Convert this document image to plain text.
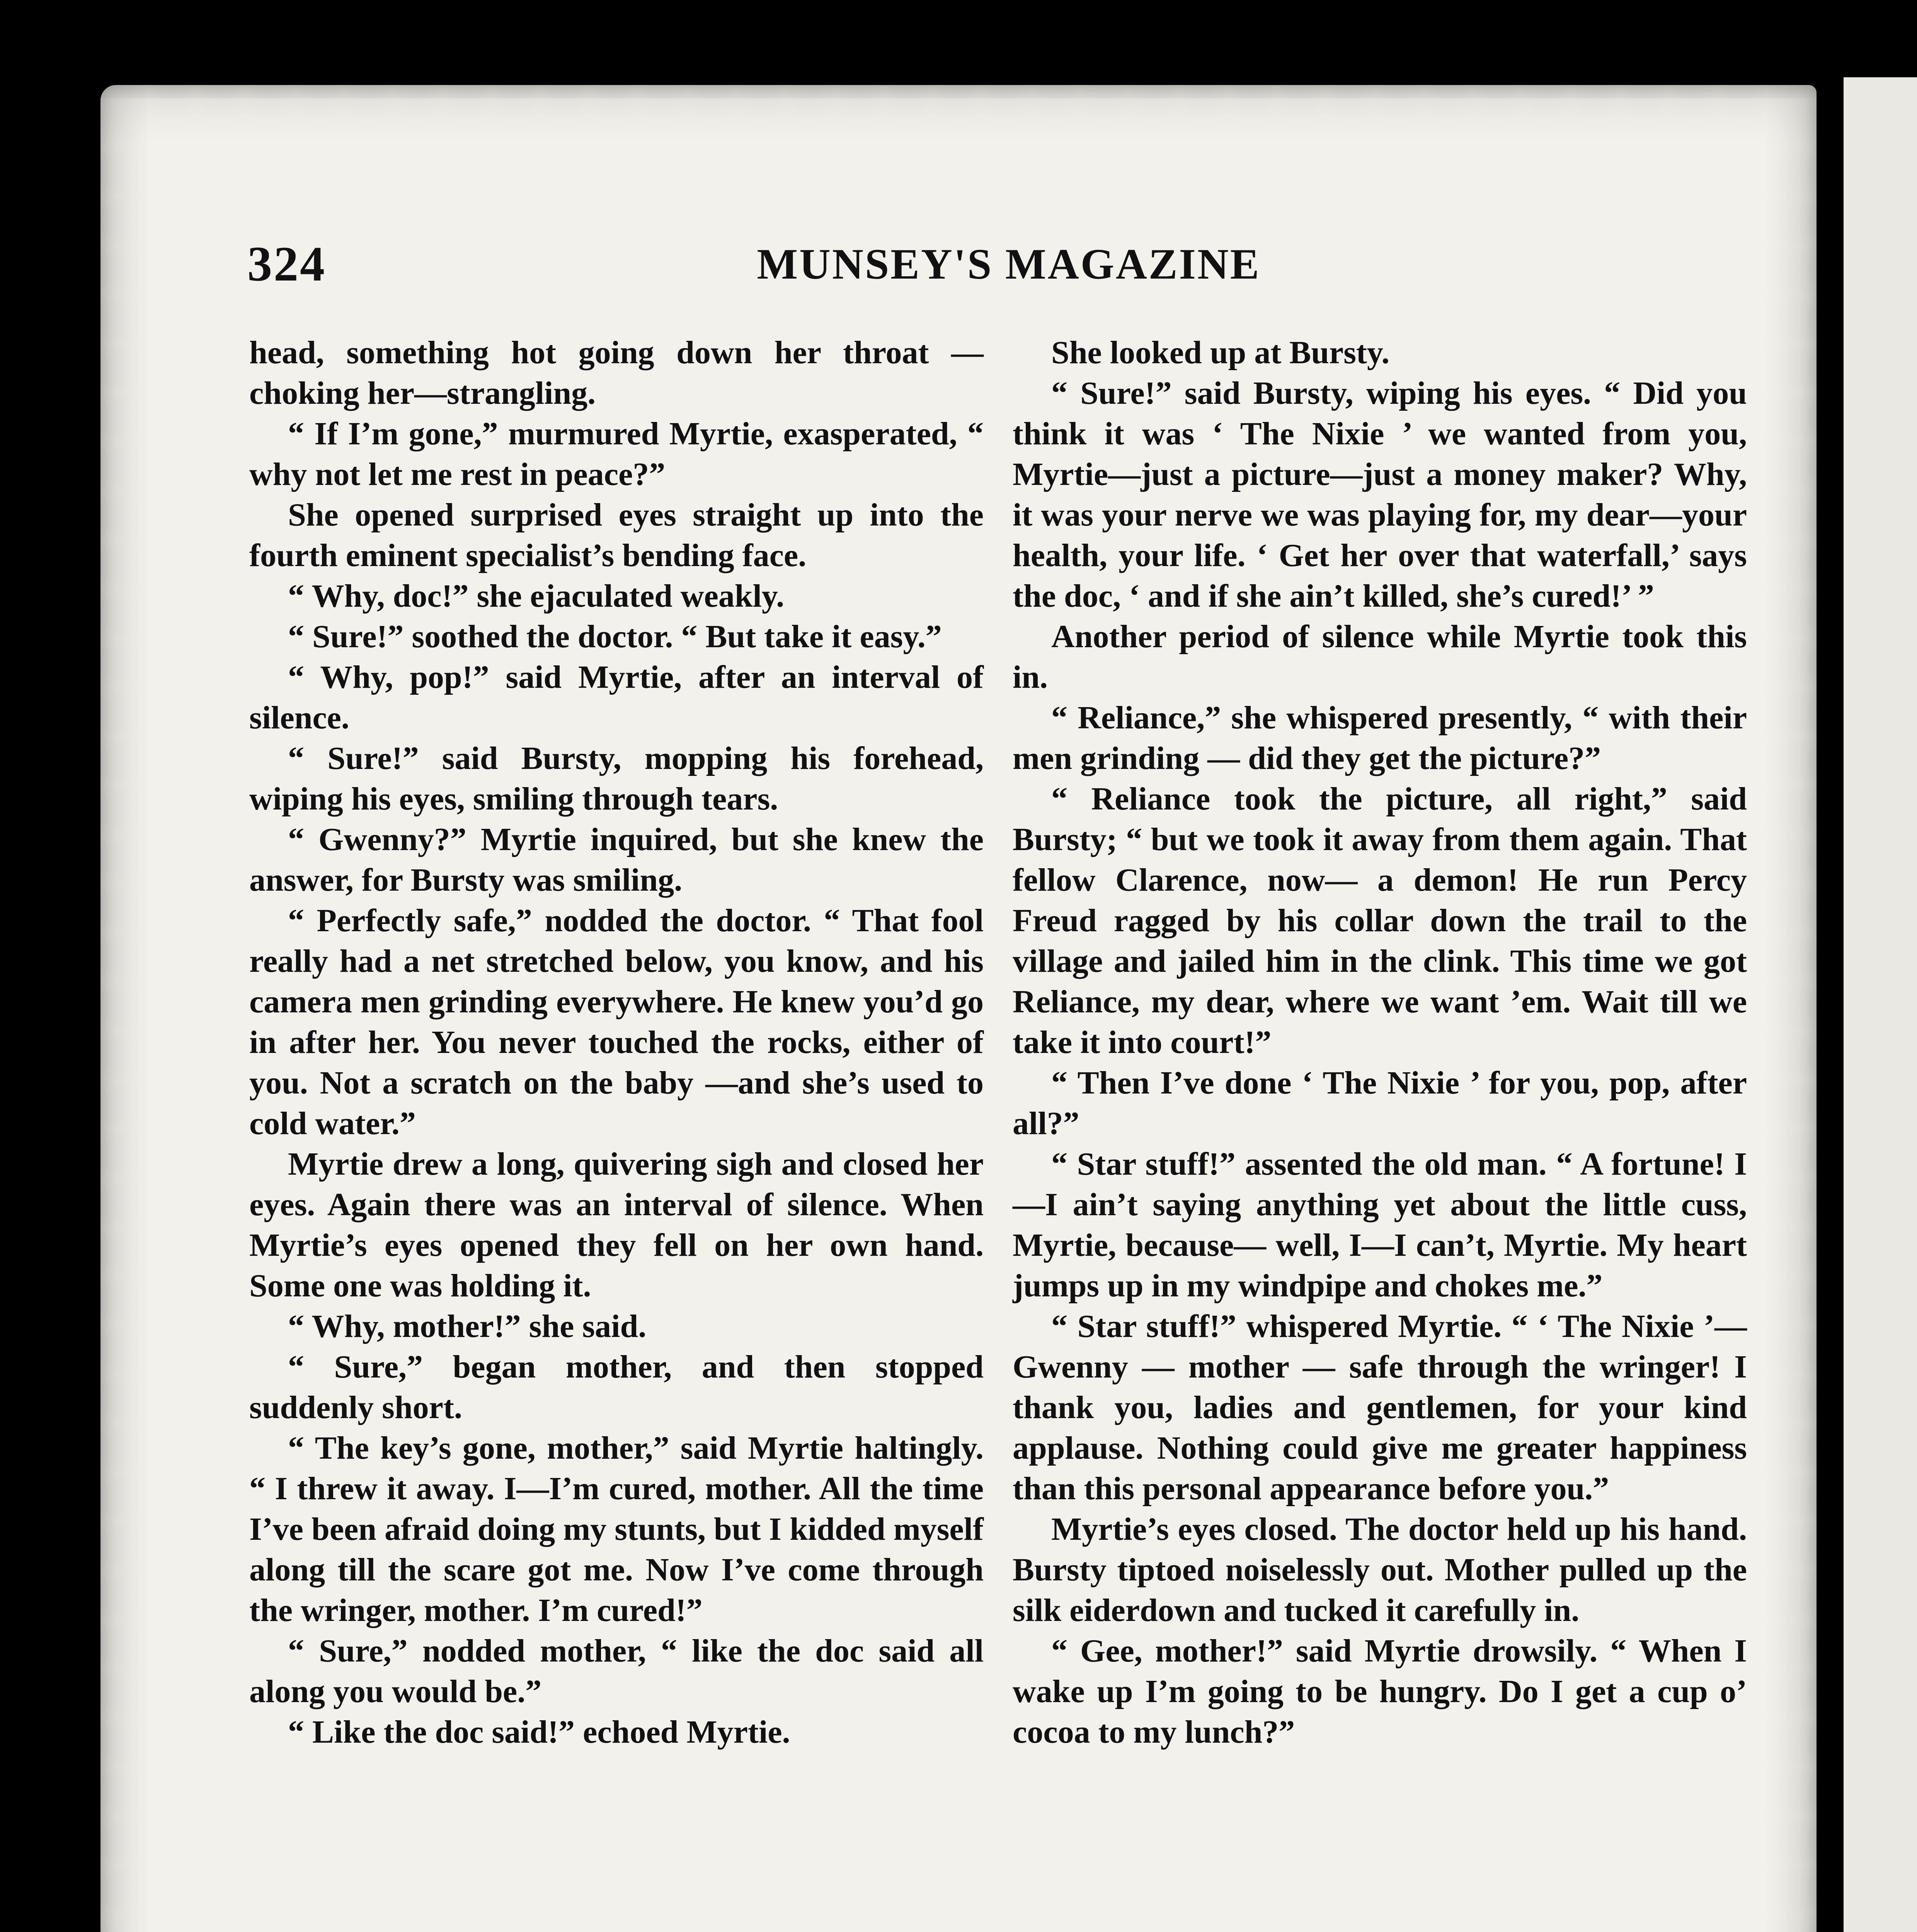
324	MUNSEY'S MAGAZINE

head, something hot going down her throat —choking her—strangling.

“ If I’m gone,” murmured Myrtie, exasperated, “ why not let me rest in peace?”

She opened surprised eyes straight up into the fourth eminent specialist’s bending face.

“ Why, doc!” she ejaculated weakly.

“ Sure!” soothed the doctor. “ But take it easy.”

“ Why, pop!” said Myrtie, after an interval of silence.

“ Sure!” said Bursty, mopping his forehead, wiping his eyes, smiling through tears.

“ Gwenny?” Myrtie inquired, but she knew the answer, for Bursty was smiling.

“ Perfectly safe,” nodded the doctor. “ That fool really had a net stretched below, you know, and his camera men grinding everywhere. He knew you’d go in after her. You never touched the rocks, either of you. Not a scratch on the baby —and she’s used to cold water.”

Myrtie drew a long, quivering sigh and closed her eyes. Again there was an interval of silence. When Myrtie’s eyes opened they fell on her own hand. Some one was holding it.

“ Why, mother!” she said.

“ Sure,” began mother, and then stopped suddenly short.

“ The key’s gone, mother,” said Myrtie haltingly. “ I threw it away. I—I’m cured, mother. All the time I’ve been afraid doing my stunts, but I kidded myself along till the scare got me. Now I’ve come through the wringer, mother. I’m cured!”

“ Sure,” nodded mother, “ like the doc said all along you would be.”

“ Like the doc said!” echoed Myrtie.

She looked up at Bursty.

“ Sure!” said Bursty, wiping his eyes. “ Did you think it was ‘ The Nixie ’ we wanted from you, Myrtie—just a picture—just a money maker? Why, it was your nerve we was playing for, my dear—your health, your life. ‘ Get her over that waterfall,’ says the doc, ‘ and if she ain’t killed, she’s cured!’ ”

Another period of silence while Myrtie took this in.

“ Reliance,” she whispered presently, “ with their men grinding — did they get the picture?”

“ Reliance took the picture, all right,” said Bursty; “ but we took it away from them again. That fellow Clarence, now— a demon! He run Percy Freud ragged by his collar down the trail to the village and jailed him in the clink. This time we got Reliance, my dear, where we want ’em. Wait till we take it into court!”

“ Then I’ve done ‘ The Nixie ’ for you, pop, after all?”

“ Star stuff!” assented the old man. “ A fortune! I—I ain’t saying anything yet about the little cuss, Myrtie, because— well, I—I can’t, Myrtie. My heart jumps up in my windpipe and chokes me.”

“ Star stuff!” whispered Myrtie. “ ‘ The Nixie ’—Gwenny — mother — safe through the wringer! I thank you, ladies and gentlemen, for your kind applause. Nothing could give me greater happiness than this personal appearance before you.”

Myrtie’s eyes closed. The doctor held up his hand. Bursty tiptoed noiselessly out. Mother pulled up the silk eiderdown and tucked it carefully in.

“ Gee, mother!” said Myrtie drowsily. “ When I wake up I’m going to be hungry. Do I get a cup o’ cocoa to my lunch?”
